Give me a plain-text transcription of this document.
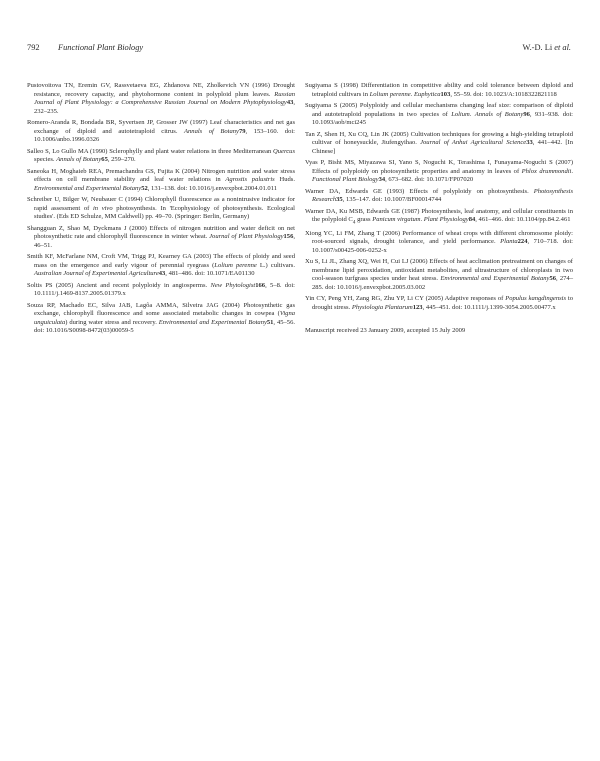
792 Functional Plant Biology	W.-D. Li et al.
Pustovoitova TN, Eremin GV, Rassvetaeva EG, Zhdanova NE, Zholkevich VN (1996) Drought resistance, recovery capacity, and phytohormone content in polyploid plum leaves. Russian Journal of Plant Physiology: a Comprehensive Russian Journal on Modern Phytophysiology43, 232–235.
Romero-Aranda R, Bondada BR, Syvertsen JP, Grosser JW (1997) Leaf characteristics and net gas exchange of diploid and autotetraploid citrus. Annals of Botany79, 153–160. doi: 10.1006/anbo.1996.0326
Salleo S, Lo Gullo MA (1990) Sclerophylly and plant water relations in three Mediterranean Quercus species. Annals of Botany65, 259–270.
Saneoka H, Moghaieb REA, Premachandra GS, Fujita K (2004) Nitrogen nutrition and water stress effects on cell membrane stability and leaf water relations in Agrostis palustris Huds. Environmental and Experimental Botany52, 131–138. doi: 10.1016/j.envexpbot.2004.01.011
Schreiber U, Bilger W, Neubauer C (1994) Chlorophyll fluorescence as a nonintrusive indicator for rapid assessment of in vivo photosynthesis. In 'Ecophysiology of photosynthesis. Ecological studies'. (Eds ED Schulze, MM Caldwell) pp. 49–70. (Springer: Berlin, Germany)
Shangguan Z, Shao M, Dyckmans J (2000) Effects of nitrogen nutrition and water deficit on net photosynthetic rate and chlorophyll fluorescence in winter wheat. Journal of Plant Physiology156, 46–51.
Smith KF, McFarlane NM, Croft VM, Trigg PJ, Kearney GA (2003) The effects of ploidy and seed mass on the emergence and early vigour of perennial ryegrass (Lolium perenne L.) cultivars. Australian Journal of Experimental Agriculture43, 481–486. doi: 10.1071/EA01130
Soltis PS (2005) Ancient and recent polyploidy in angiosperms. New Phytologist166, 5–8. doi: 10.1111/j.1469-8137.2005.01379.x
Souza RP, Machado EC, Silva JAB, Lagôa AMMA, Silveira JAG (2004) Photosynthetic gas exchange, chlorophyll fluorescence and some associated metabolic changes in cowpea (Vigna unguiculata) during water stress and recovery. Environmental and Experimental Botany51, 45–56. doi: 10.1016/S0098-8472(03)00059-5
Sugiyama S (1998) Differentiation in competitive ability and cold tolerance between diploid and tetraploid cultivars in Lolium perenne. Euphytica103, 55–59. doi: 10.1023/A:1018322821118
Sugiyama S (2005) Polyploidy and cellular mechanisms changing leaf size: comparison of diploid and autotetraploid populations in two species of Lolium. Annals of Botany96, 931–938. doi: 10.1093/aob/mci245
Tan Z, Shen H, Xu CQ, Lin JK (2005) Cultivation techniques for growing a high-yielding tetraploid cultivar of honeysuckle, Jiufengyihao. Journal of Anhui Agricultural Science33, 441–442. [In Chinese]
Vyas P, Bisht MS, Miyazawa SI, Yano S, Noguchi K, Terashima I, Funayama-Noguchi S (2007) Effects of polyploidy on photosynthetic properties and anatomy in leaves of Phlox drummondii. Functional Plant Biology34, 673–682. doi: 10.1071/FP07020
Warner DA, Edwards GE (1993) Effects of polyploidy on photosynthesis. Photosynthesis Research35, 135–147. doi: 10.1007/BF00014744
Warner DA, Ku MSB, Edwards GE (1987) Photosynthesis, leaf anatomy, and cellular constituents in the polyploid $C_4$ grass Panicum virgatum. Plant Physiology84, 461–466. doi: 10.1104/pp.84.2.461
Xiong YC, Li FM, Zhang T (2006) Performance of wheat crops with different chromosome ploidy: root-sourced signals, drought tolerance, and yield performance. Planta224, 710–718. doi: 10.1007/s00425-006-0252-x
Xu S, Li JL, Zhang XQ, Wei H, Cui LJ (2006) Effects of heat acclimation pretreatment on changes of membrane lipid peroxidation, antioxidant metabolites, and ultrastructure of chloroplasts in two cool-season turfgrass species under heat stress. Environmental and Experimental Botany56, 274–285. doi: 10.1016/j.envexpbot.2005.03.002
Yin CY, Peng YH, Zang RG, Zhu YP, Li CY (2005) Adaptive responses of Populus kangdingensis to drought stress. Physiologia Plantarum123, 445–451. doi: 10.1111/j.1399-3054.2005.00477.x
Manuscript received 23 January 2009, accepted 15 July 2009
